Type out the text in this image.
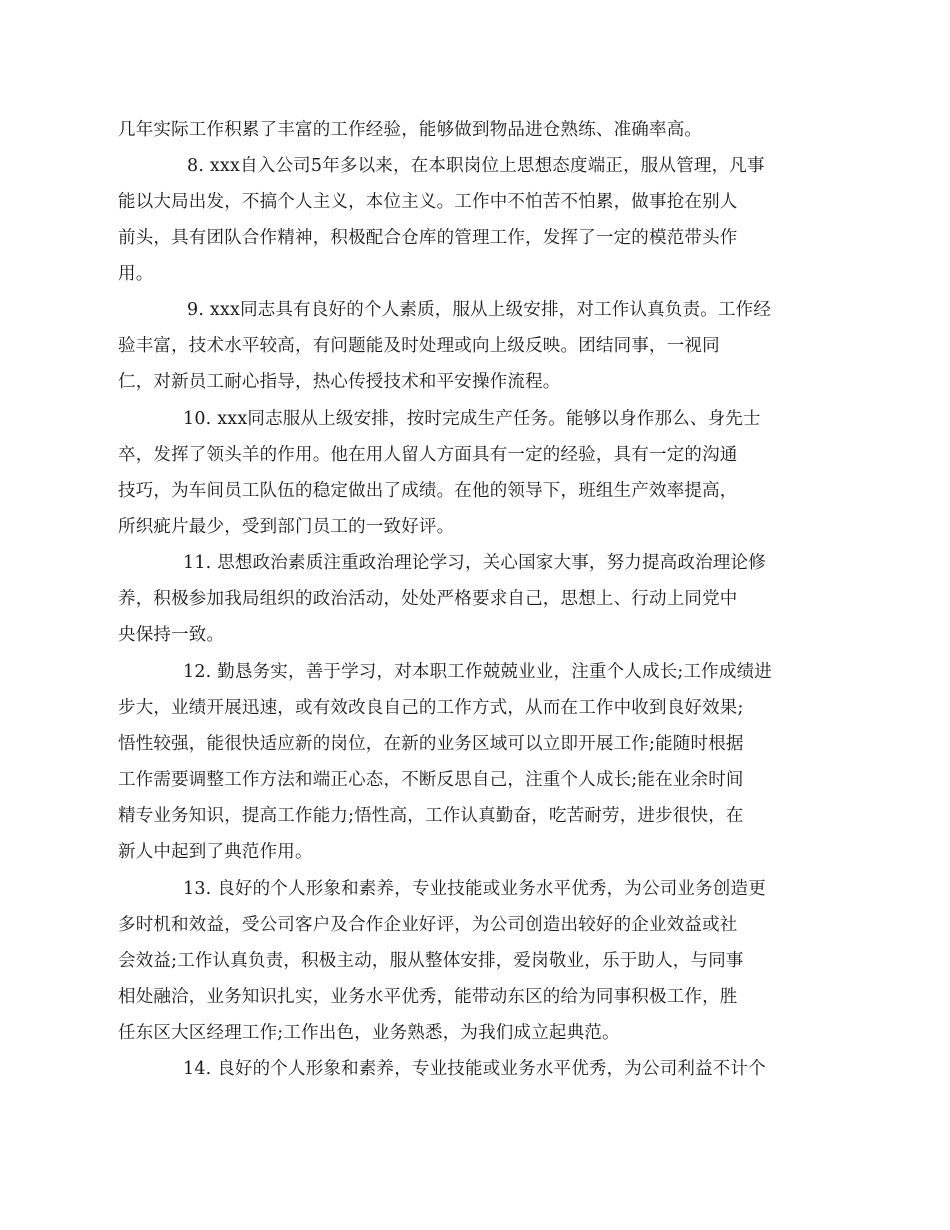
几年实际工作积累了丰富的工作经验，能够做到物品进仓熟练、准确率高。
8. xxx自入公司5年多以来，在本职岗位上思想态度端正，服从管理，凡事
能以大局出发，不搞个人主义，本位主义。工作中不怕苦不怕累，做事抢在别人
前头，具有团队合作精神，积极配合仓库的管理工作，发挥了一定的模范带头作
用。
9. xxx同志具有良好的个人素质，服从上级安排，对工作认真负责。工作经
验丰富，技术水平较高，有问题能及时处理或向上级反映。团结同事，一视同
仁，对新员工耐心指导，热心传授技术和平安操作流程。
10. xxx同志服从上级安排，按时完成生产任务。能够以身作那么、身先士
卒，发挥了领头羊的作用。他在用人留人方面具有一定的经验，具有一定的沟通
技巧，为车间员工队伍的稳定做出了成绩。在他的领导下，班组生产效率提高，
所织疵片最少，受到部门员工的一致好评。
11. 思想政治素质注重政治理论学习，关心国家大事，努力提高政治理论修
养，积极参加我局组织的政治活动，处处严格要求自己，思想上、行动上同党中
央保持一致。
12. 勤恳务实，善于学习，对本职工作兢兢业业，注重个人成长;工作成绩进
步大，业绩开展迅速，或有效改良自己的工作方式，从而在工作中收到良好效果;
悟性较强，能很快适应新的岗位，在新的业务区域可以立即开展工作;能随时根据
工作需要调整工作方法和端正心态，不断反思自己，注重个人成长;能在业余时间
精专业务知识，提高工作能力;悟性高，工作认真勤奋，吃苦耐劳，进步很快，在
新人中起到了典范作用。
13. 良好的个人形象和素养，专业技能或业务水平优秀，为公司业务创造更
多时机和效益，受公司客户及合作企业好评，为公司创造出较好的企业效益或社
会效益;工作认真负责，积极主动，服从整体安排，爱岗敬业，乐于助人，与同事
相处融洽，业务知识扎实，业务水平优秀，能带动东区的给为同事积极工作，胜
任东区大区经理工作;工作出色，业务熟悉，为我们成立起典范。
14. 良好的个人形象和素养，专业技能或业务水平优秀，为公司利益不计个
